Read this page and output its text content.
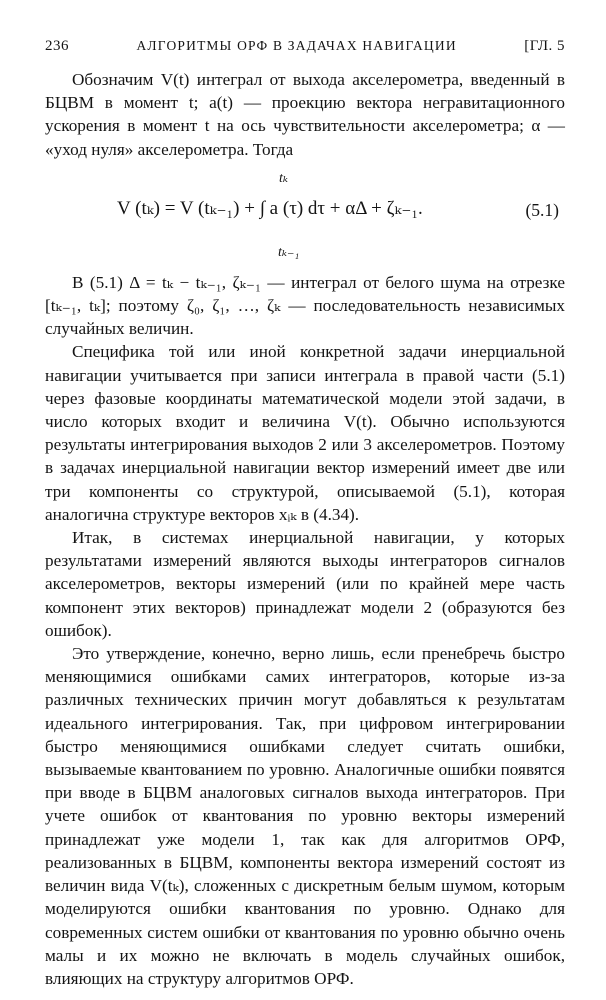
236	АЛГОРИТМЫ ОРФ В ЗАДАЧАХ НАВИГАЦИИ	[ГЛ. 5

Обозначим V(t) интеграл от выхода акселерометра, введенный в БЦВМ в момент t; a(t) — проекцию вектора негравитационного ускорения в момент t на ось чувствительности акселерометра; α — «уход нуля» акселерометра. Тогда

tₖ
V (tₖ) = V (tₖ₋₁) + ∫ a (τ) dτ + αΔ + ζₖ₋₁.
tₖ₋₁
(5.1)

В (5.1) Δ = tₖ − tₖ₋₁, ζₖ₋₁ — интеграл от белого шума на отрезке [tₖ₋₁, tₖ]; поэтому ζ₀, ζ₁, …, ζₖ — последовательность независимых случайных величин.

Специфика той или иной конкретной задачи инерциальной навигации учитывается при записи интеграла в правой части (5.1) через фазовые координаты математической модели этой задачи, в число которых входит и величина V(t). Обычно используются результаты интегрирования выходов 2 или 3 акселерометров. Поэтому в задачах инерциальной навигации вектор измерений имеет две или три компоненты со структурой, описываемой (5.1), которая аналогична структуре векторов xᵢₖ в (4.34).

Итак, в системах инерциальной навигации, у которых результатами измерений являются выходы интеграторов сигналов акселерометров, векторы измерений (или по крайней мере часть компонент этих векторов) принадлежат модели 2 (образуются без ошибок).

Это утверждение, конечно, верно лишь, если пренебречь быстро меняющимися ошибками самих интеграторов, которые из-за различных технических причин могут добавляться к результатам идеального интегрирования. Так, при цифровом интегрировании быстро меняющимися ошибками следует считать ошибки, вызываемые квантованием по уровню. Аналогичные ошибки появятся при вводе в БЦВМ аналоговых сигналов выхода интеграторов. При учете ошибок от квантования по уровню векторы измерений принадлежат уже модели 1, так как для алгоритмов ОРФ, реализованных в БЦВМ, компоненты вектора измерений состоят из величин вида V(tₖ), сложенных с дискретным белым шумом, которым моделируются ошибки квантования по уровню. Однако для современных систем ошибки от квантования по уровню обычно очень малы и их можно не включать в модель случайных ошибок, влияющих на структуру алгоритмов ОРФ.
